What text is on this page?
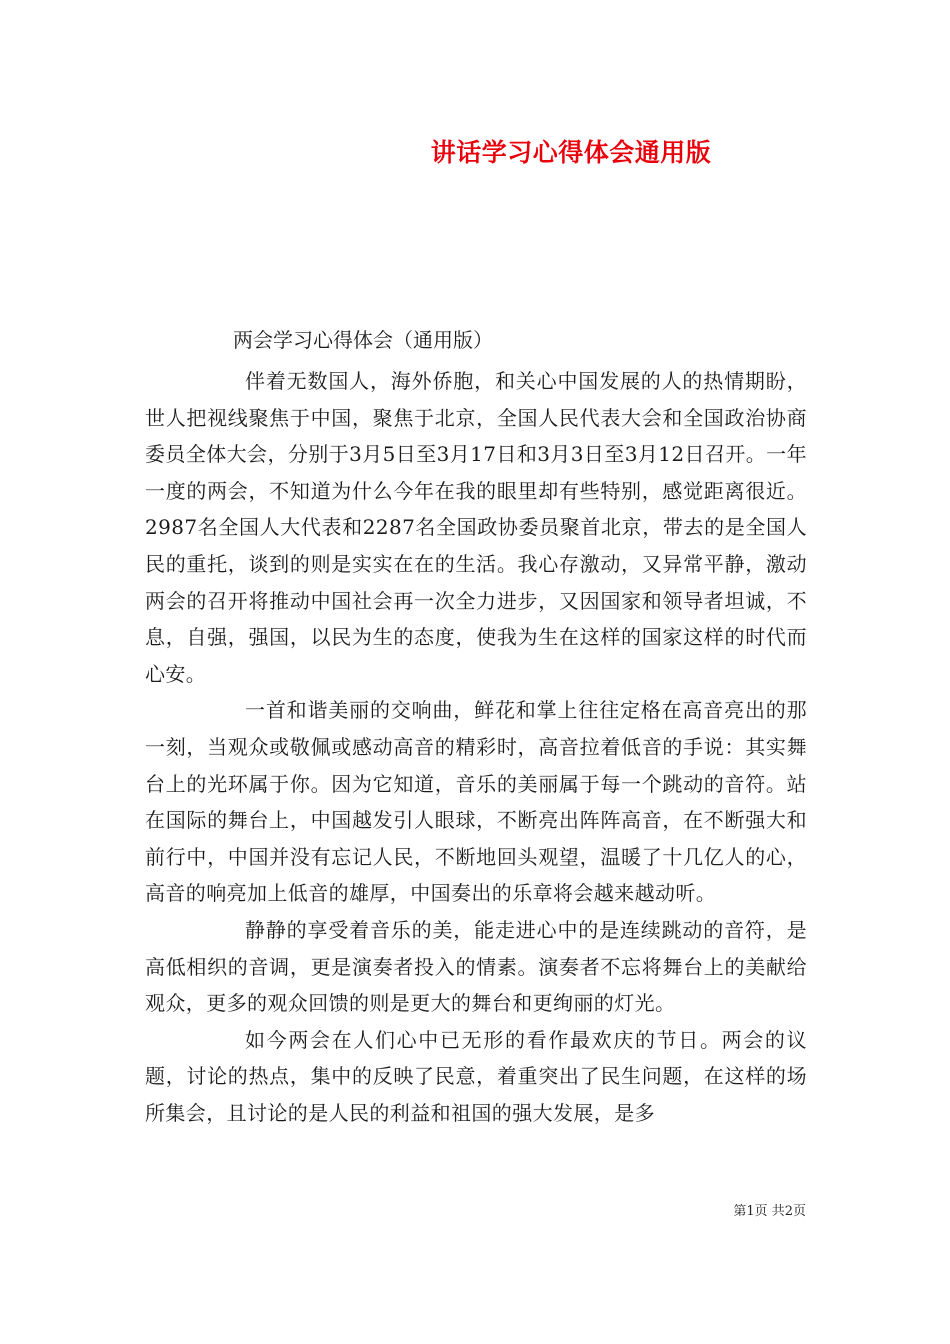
讲话学习心得体会通用版
两会学习心得体会（通用版）

伴着无数国人，海外侨胞，和关心中国发展的人的热情期盼，世人把视线聚焦于中国，聚焦于北京，全国人民代表大会和全国政治协商委员全体大会，分别于3月5日至3月17日和3月3日至3月12日召开。一年一度的两会，不知道为什么今年在我的眼里却有些特别，感觉距离很近。2987名全国人大代表和2287名全国政协委员聚首北京，带去的是全国人民的重托，谈到的则是实实在在的生活。我心存激动，又异常平静，激动两会的召开将推动中国社会再一次全力进步，又因国家和领导者坦诚，不息，自强，强国，以民为生的态度，使我为生在这样的国家这样的时代而心安。

一首和谐美丽的交响曲，鲜花和掌上往往定格在高音亮出的那一刻，当观众或敬佩或感动高音的精彩时，高音拉着低音的手说：其实舞台上的光环属于你。因为它知道，音乐的美丽属于每一个跳动的音符。站在国际的舞台上，中国越发引人眼球，不断亮出阵阵高音，在不断强大和前行中，中国并没有忘记人民，不断地回头观望，温暖了十几亿人的心，高音的响亮加上低音的雄厚，中国奏出的乐章将会越来越动听。

静静的享受着音乐的美，能走进心中的是连续跳动的音符，是高低相织的音调，更是演奏者投入的情素。演奏者不忘将舞台上的美献给观众，更多的观众回馈的则是更大的舞台和更绚丽的灯光。

如今两会在人们心中已无形的看作最欢庆的节日。两会的议题，讨论的热点，集中的反映了民意，着重突出了民生问题，在这样的场所集会，且讨论的是人民的利益和祖国的强大发展，是多

第1页 共2页
